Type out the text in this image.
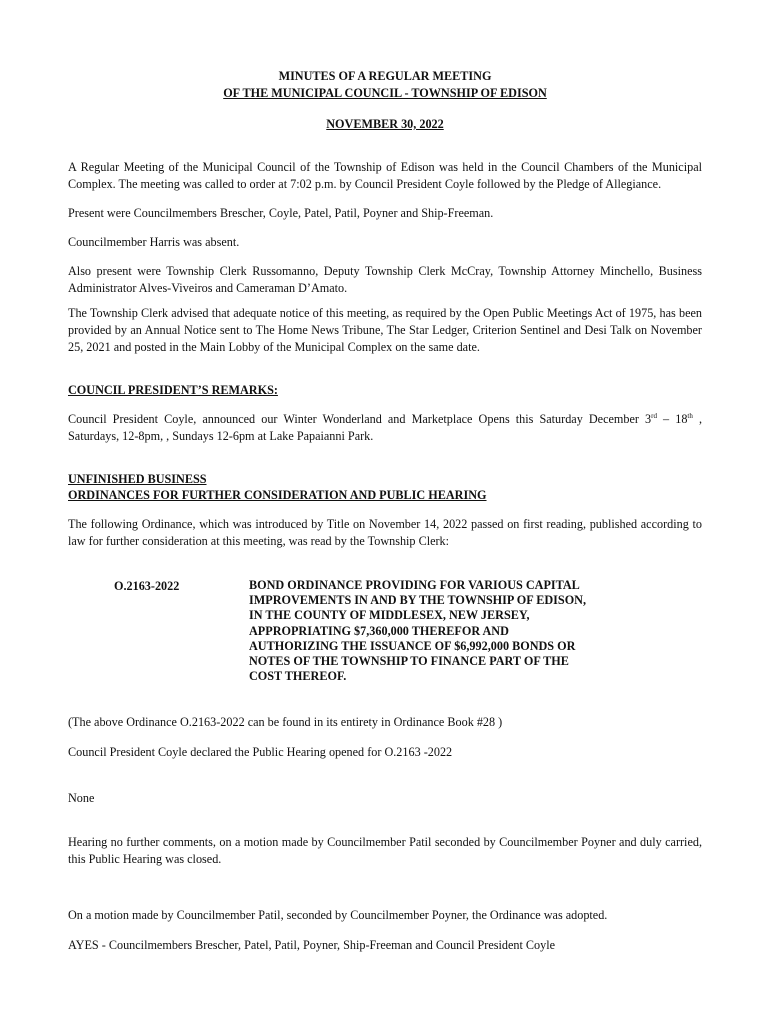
MINUTES OF A REGULAR MEETING
OF THE MUNICIPAL COUNCIL - TOWNSHIP OF EDISON
NOVEMBER 30, 2022

A Regular Meeting of the Municipal Council of the Township of Edison was held in the Council Chambers of the Municipal Complex. The meeting was called to order at 7:02 p.m. by Council President Coyle followed by the Pledge of Allegiance.

Present were Councilmembers Brescher, Coyle, Patel, Patil, Poyner and Ship-Freeman.

Councilmember Harris was absent.

Also present were Township Clerk Russomanno, Deputy Township Clerk McCray, Township Attorney Minchello, Business Administrator Alves-Viveiros and Cameraman D’Amato.

The Township Clerk advised that adequate notice of this meeting, as required by the Open Public Meetings Act of 1975, has been provided by an Annual Notice sent to The Home News Tribune, The Star Ledger, Criterion Sentinel and Desi Talk on November 25, 2021 and posted in the Main Lobby of the Municipal Complex on the same date.

COUNCIL PRESIDENT’S REMARKS:

Council President Coyle, announced our Winter Wonderland and Marketplace Opens this Saturday December 3rd – 18th , Saturdays, 12-8pm, , Sundays 12-6pm at Lake Papaianni Park.

UNFINISHED BUSINESS

ORDINANCES FOR FURTHER CONSIDERATION AND PUBLIC HEARING

The following Ordinance, which was introduced by Title on November 14, 2022 passed on first reading, published according to law for further consideration at this meeting, was read by the Township Clerk:

O.2163-2022	BOND ORDINANCE PROVIDING FOR VARIOUS CAPITAL IMPROVEMENTS IN AND BY THE TOWNSHIP OF EDISON, IN THE COUNTY OF MIDDLESEX, NEW JERSEY, APPROPRIATING $7,360,000 THEREFOR AND AUTHORIZING THE ISSUANCE OF $6,992,000 BONDS OR NOTES OF THE TOWNSHIP TO FINANCE PART OF THE COST THEREOF.

(The above Ordinance O.2163-2022 can be found in its entirety in Ordinance Book #28 )

Council President Coyle declared the Public Hearing opened for O.2163 -2022

None

Hearing no further comments, on a motion made by Councilmember Patil seconded by Councilmember Poyner and duly carried, this Public Hearing was closed.

On a motion made by Councilmember Patil, seconded by Councilmember Poyner, the Ordinance was adopted.

AYES - Councilmembers Brescher, Patel, Patil, Poyner, Ship-Freeman and Council President Coyle
